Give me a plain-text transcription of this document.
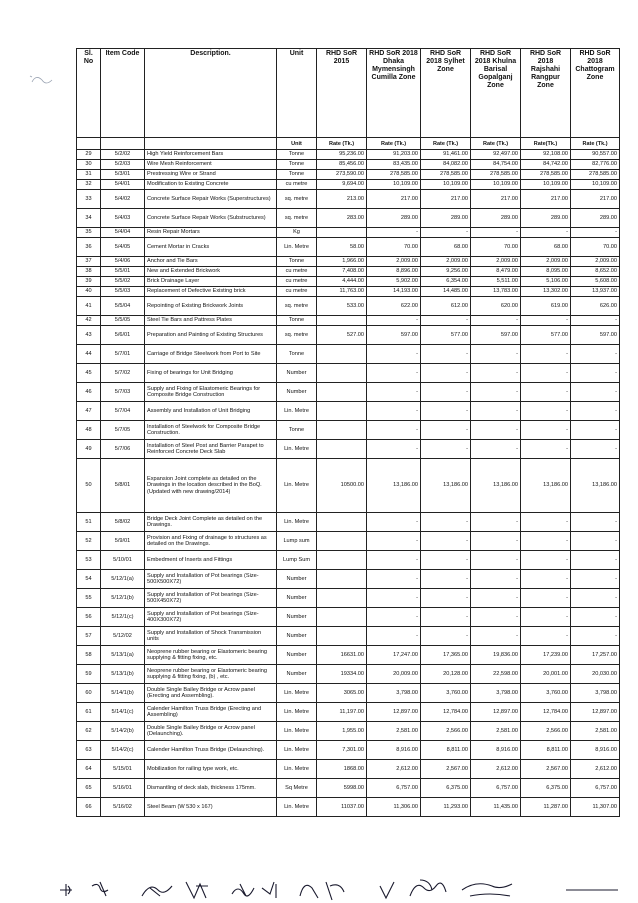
Sl. No	Item Code	Description.	Unit	RHD SoR 2015	RHD SoR 2018 Dhaka Mymensingh Cumilla Zone	RHD SoR 2018 Sylhet Zone	RHD SoR 2018 Khulna Barisal Gopalganj Zone	RHD SoR 2018 Rajshahi Rangpur Zone	RHD SoR 2018 Chattogram Zone
			Unit	Rate (Tk.)	Rate (Tk.)	Rate (Tk.)	Rate (Tk.)	Rate(Tk.)	Rate (Tk.)
29	5/2/02	High Yield Reinforcement Bars	Tonne	95,236.00	91,203.00	91,461.00	92,497.00	92,108.00	90,557.00
30	5/2/03	Wire Mesh Reinforcement	Tonne	85,456.00	83,435.00	84,082.00	84,754.00	84,742.00	82,776.00
31	5/3/01	Prestressing Wire or Strand	Tonne	273,590.00	278,585.00	278,585.00	278,585.00	278,585.00	278,585.00
32	5/4/01	Modification to Existing Concrete	cu metre	9,694.00	10,109.00	10,109.00	10,109.00	10,109.00	10,109.00
33	5/4/02	Concrete Surface Repair Works (Superstructures)	sq. metre	213.00	217.00	217.00	217.00	217.00	217.00
34	5/4/03	Concrete Surface Repair Works (Substructures)	sq. metre	283.00	289.00	289.00	289.00	289.00	289.00
35	5/4/04	Resin Repair Mortars	Kg		-	-	-	-	-
36	5/4/05	Cement Mortar in Cracks	Lin. Metre	58.00	70.00	68.00	70.00	68.00	70.00
37	5/4/06	Anchor and Tie Bars	Tonne	1,966.00	2,009.00	2,009.00	2,009.00	2,009.00	2,009.00
38	5/5/01	New and Extended Brickwork	cu metre	7,408.00	8,896.00	9,256.00	8,479.00	8,095.00	8,652.00
39	5/5/02	Brick Drainage Layer	cu metre	4,444.00	5,902.00	6,354.00	5,511.00	5,106.00	5,608.00
40	5/5/03	Replacement of Defective Existing brick	cu metre	11,763.00	14,193.00	14,485.00	13,783.00	13,302.00	13,937.00
41	5/5/04	Repointing of Existing Brickwork Joints	sq. metre	533.00	622.00	612.00	620.00	619.00	626.00
42	5/5/05	Steel Tie Bars and Pattress Plates	Tonne		-	-	-	-	-
43	5/6/01	Preparation and Painting of Existing Structures	sq. metre	527.00	597.00	577.00	597.00	577.00	597.00
44	5/7/01	Carriage of Bridge Steelwork from Port to Site	Tonne		-	-	-	-	-
45	5/7/02	Fixing of bearings for Unit Bridging	Number		-	-	-	-	-
46	5/7/03	Supply and Fixing of Elastomeric Bearings for Composite Bridge Construction	Number		-	-	-	-	-
47	5/7/04	Assembly and Installation of Unit Bridging	Lin. Metre		-	-	-	-	-
48	5/7/05	Installation of Steelwork for Composite Bridge Construction.	Tonne		-	-	-	-	-
49	5/7/06	Installation of Steel Post and Barrier Parapet to Reinforced Concrete Deck Slab	Lin. Metre		-	-	-	-	-
50	5/8/01	Expansion Joint complete as detailed on the Drawings in the location described in the BoQ. (Updated with new drawing/2014)	Lin. Metre	10500.00	13,186.00	13,186.00	13,186.00	13,186.00	13,186.00
51	5/8/02	Bridge Deck Joint Complete as detailed on the Drawings.	Lin. Metre		-	-	-	-	-
52	5/9/01	Provision and Fixing of drainage to structures as detailed on the Drawings.	Lump sum		-	-	-	-	-
53	5/10/01	Embedment of Inserts and Fittings	Lump Sum		-	-	-	-	-
54	5/12/1(a)	Supply and Installation of Pot bearings (Size-500X500X72)	Number		-	-	-	-	-
55	5/12/1(b)	Supply and Installation of Pot bearings (Size-500X450X72)	Number		-	-	-	-	-
56	5/12/1(c)	Supply and Installation of Pot bearings (Size-400X300X72)	Number		-	-	-	-	-
57	5/12/02	Supply and Installation of Shock Transmission units	Number		-	-	-	-	-
58	5/13/1(a)	Neoprene rubber bearing or Elastomeric bearing supplying & fitting fixing, etc.	Number	16631.00	17,247.00	17,365.00	19,836.00	17,239.00	17,257.00
59	5/13/1(b)	Neoprene rubber bearing or Elastomeric bearing supplying & fitting fixing, (b) , etc.	Number	19334.00	20,009.00	20,128.00	22,598.00	20,001.00	20,030.00
60	5/14/1(b)	Double Single Bailey Bridge or Acrow panel (Erecting and Assembling).	Lin. Metre	3065.00	3,798.00	3,760.00	3,798.00	3,760.00	3,798.00
61	5/14/1(c)	Calender Hamilton Truss Bridge (Erecting and Assembling)	Lin. Metre	11,197.00	12,897.00	12,784.00	12,897.00	12,784.00	12,897.00
62	5/14/2(b)	Double Single Bailey Bridge or Acrow panel (Delaunching).	Lin. Metre	1,955.00	2,581.00	2,566.00	2,581.00	2,566.00	2,581.00
63	5/14/2(c)	Calender Hamilton Truss Bridge (Delaunching).	Lin. Metre	7,301.00	8,916.00	8,811.00	8,916.00	8,811.00	8,916.00
64	5/15/01	Mobilization for railing type work, etc.	Lin. Metre	1868.00	2,612.00	2,567.00	2,612.00	2,567.00	2,612.00
65	5/16/01	Dismantling of deck slab, thickness 175mm.	Sq Metre	5998.00	6,757.00	6,375.00	6,757.00	6,375.00	6,757.00
66	5/16/02	Steel Beam (W 530 x 167)	Lin. Metre	11037.00	11,306.00	11,293.00	11,435.00	11,287.00	11,307.00
